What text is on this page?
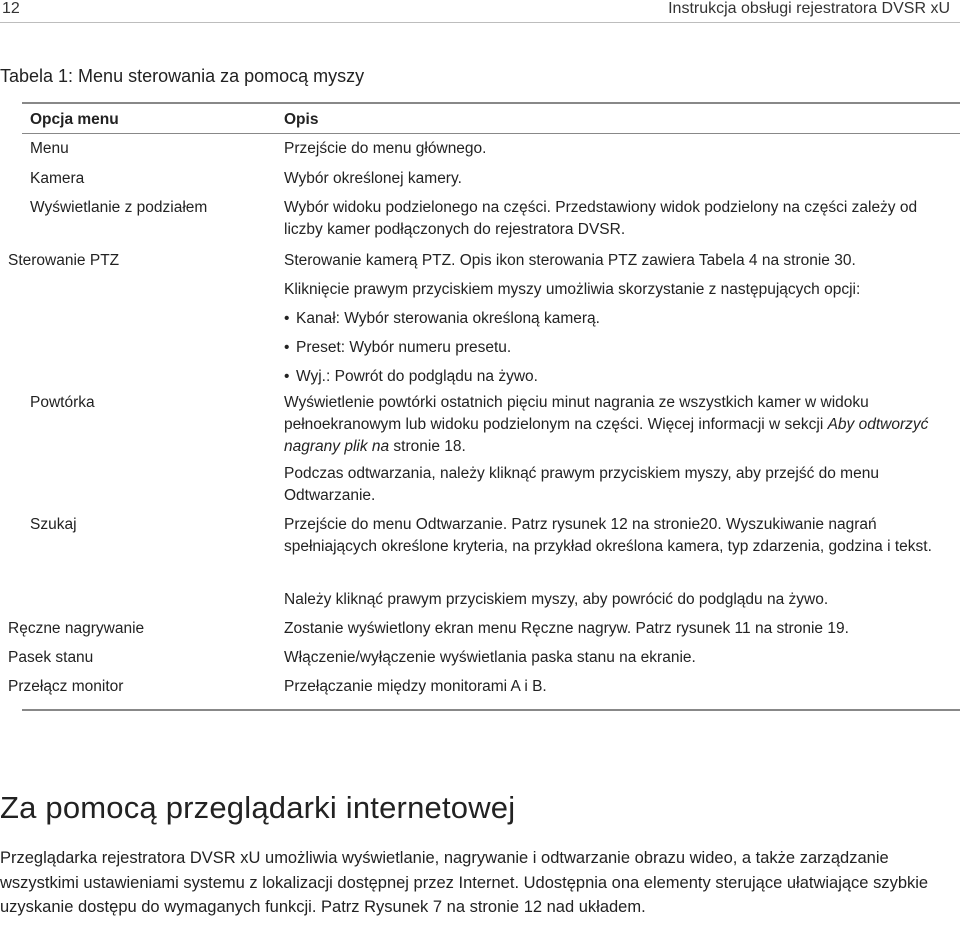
12	Instrukcja obsługi rejestratora DVSR xU
Tabela 1: Menu sterowania za pomocą myszy
Opcja menu	Opis
Menu	Przejście do menu głównego.
Kamera	Wybór określonej kamery.
Wyświetlanie z podziałem	Wybór widoku podzielonego na części. Przedstawiony widok podzielony na części zależy od liczby kamer podłączonych do rejestratora DVSR.
Sterowanie PTZ	Sterowanie kamerą PTZ. Opis ikon sterowania PTZ zawiera Tabela 4 na stronie 30.
Kliknięcie prawym przyciskiem myszy umożliwia skorzystanie z następujących opcji:
• Kanał: Wybór sterowania określoną kamerą.
• Preset: Wybór numeru presetu.
• Wyj.: Powrót do podglądu na żywo.
Powtórka	Wyświetlenie powtórki ostatnich pięciu minut nagrania ze wszystkich kamer w widoku pełnoekranowym lub widoku podzielonym na części. Więcej informacji w sekcji Aby odtworzyć nagrany plik na stronie 18.
Podczas odtwarzania, należy kliknąć prawym przyciskiem myszy, aby przejść do menu Odtwarzanie.
Szukaj	Przejście do menu Odtwarzanie. Patrz rysunek 12 na stronie20. Wyszukiwanie nagrań spełniających określone kryteria, na przykład określona kamera, typ zdarzenia, godzina i tekst.
Należy kliknąć prawym przyciskiem myszy, aby powrócić do podglądu na żywo.
Ręczne nagrywanie	Zostanie wyświetlony ekran menu Ręczne nagryw. Patrz rysunek 11 na stronie 19.
Pasek stanu	Włączenie/wyłączenie wyświetlania paska stanu na ekranie.
Przełącz monitor	Przełączanie między monitorami A i B.
Za pomocą przeglądarki internetowej
Przeglądarka rejestratora DVSR xU umożliwia wyświetlanie, nagrywanie i odtwarzanie obrazu wideo, a także zarządzanie wszystkimi ustawieniami systemu z lokalizacji dostępnej przez Internet. Udostępnia ona elementy sterujące ułatwiające szybkie uzyskanie dostępu do wymaganych funkcji. Patrz Rysunek 7 na stronie 12 nad układem.
